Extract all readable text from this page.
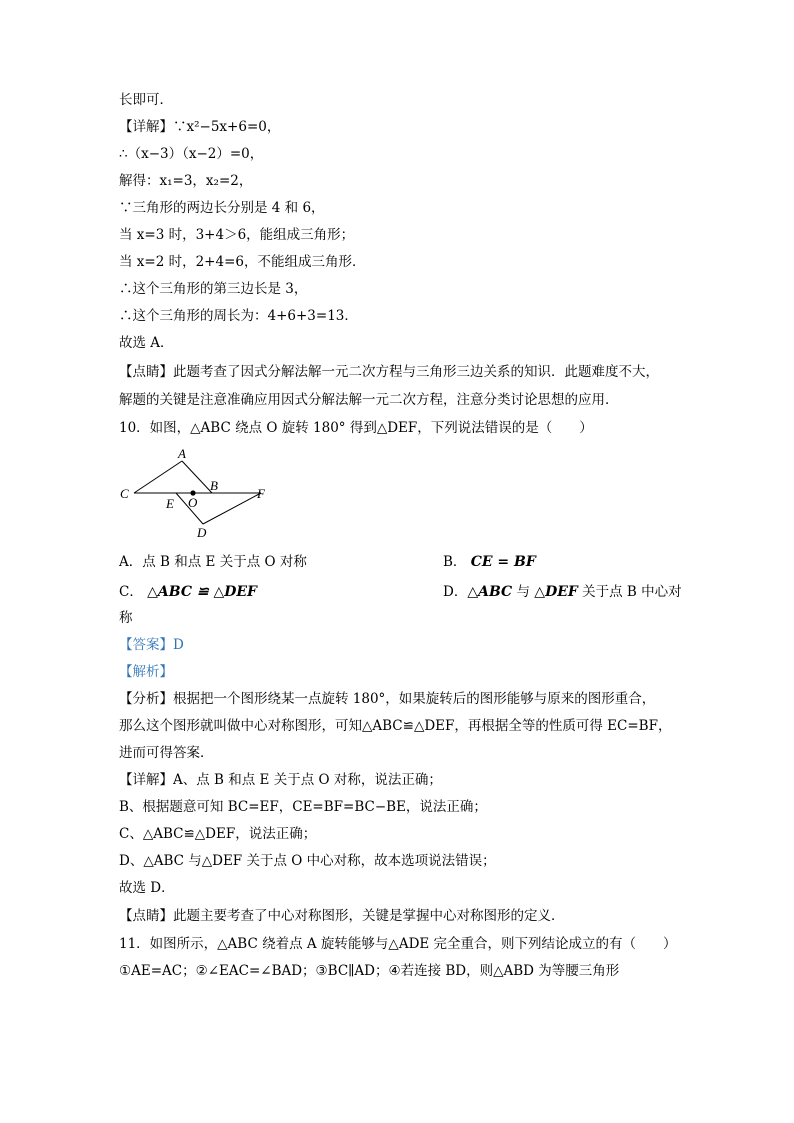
长即可．
【详解】∵x²−5x+6=0，
∴（x−3）（x−2）=0，
解得：x₁=3，x₂=2，
∵三角形的两边长分别是 4 和 6，
当 x=3 时，3+4＞6，能组成三角形；
当 x=2 时，2+4=6，不能组成三角形．
∴这个三角形的第三边长是 3，
∴这个三角形的周长为：4+6+3=13．
故选 A．
【点睛】此题考查了因式分解法解一元二次方程与三角形三边关系的知识．此题难度不大，
解题的关键是注意准确应用因式分解法解一元二次方程，注意分类讨论思想的应用．
10．如图，△ABC 绕点 O 旋转 180° 得到△DEF，下列说法错误的是（　　）
A
B
C
D
E
F
O
A．点 B 和点 E 关于点 O 对称	B． CE = BF
C． △ABC ≌ △DEF	D．△ABC 与 △DEF 关于点 B 中心对
称
【答案】D
【解析】
【分析】根据把一个图形绕某一点旋转 180°，如果旋转后的图形能够与原来的图形重合，
那么这个图形就叫做中心对称图形，可知△ABC≌△DEF，再根据全等的性质可得 EC=BF，
进而可得答案．
【详解】A、点 B 和点 E 关于点 O 对称，说法正确；
B、根据题意可知 BC=EF，CE=BF=BC−BE，说法正确；
C、△ABC≌△DEF，说法正确；
D、△ABC 与△DEF 关于点 O 中心对称，故本选项说法错误；
故选 D．
【点睛】此题主要考查了中心对称图形，关键是掌握中心对称图形的定义．
11．如图所示，△ABC 绕着点 A 旋转能够与△ADE 完全重合，则下列结论成立的有（　　）
①AE=AC；②∠EAC=∠BAD；③BC∥AD；④若连接 BD，则△ABD 为等腰三角形
